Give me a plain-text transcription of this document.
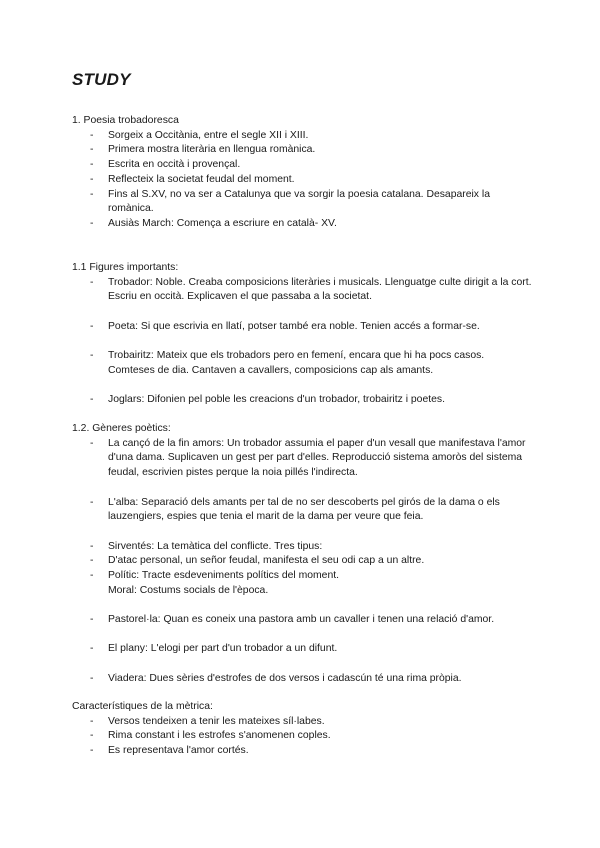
STUDY

1. Poesia trobadoresca

- Sorgeix a Occitània, entre el segle XII i XIII.
- Primera mostra literària en llengua romànica.
- Escrita en occità i provençal.
- Reflecteix la societat feudal del moment.
- Fins al S.XV, no va ser a Catalunya que va sorgir la poesia catalana. Desapareix la romànica.
- Ausiàs March: Comença a escriure en català- XV.

1.1 Figures importants:

- Trobador: Noble. Creaba composicions literàries i musicals. Llenguatge culte dirigit a la cort. Escriu en occità. Explicaven el que passaba a la societat.
- Poeta: Si que escrivia en llatí, potser també era noble. Tenien accés a formar-se.
- Trobairitz: Mateix que els trobadors pero en femení, encara que hi ha pocs casos. Comteses de dia. Cantaven a cavallers, composicions cap als amants.
- Joglars: Difonien pel poble les creacions d'un trobador, trobairitz i poetes.

1.2. Gèneres poètics:

- La cançó de la fin amors: Un trobador assumia el paper d'un vesall que manifestava l'amor d'una dama. Suplicaven un gest per part d'elles. Reproducció sistema amoròs del sistema feudal, escrivien pistes perque la noia pillés l'indirecta.
- L'alba: Separació dels amants per tal de no ser descoberts pel girós de la dama o els lauzengiers, espies que tenia el marit de la dama per veure que feia.
- Sirventés: La temàtica del conflicte. Tres tipus:
- D'atac personal, un señor feudal, manifesta el seu odi cap a un altre.
- Polític: Tracte esdeveniments polítics del moment.
Moral: Costums socials de l'època.
- Pastorel·la: Quan es coneix una pastora amb un cavaller i tenen una relació d'amor.
- El plany: L'elogi per part d'un trobador a un difunt.
- Viadera: Dues sèries d'estrofes de dos versos i cadascún té una rima pròpia.

Característiques de la mètrica:

- Versos tendeixen a tenir les mateixes síl·labes.
- Rima constant i les estrofes s'anomenen coples.
- Es representava l'amor cortés.
